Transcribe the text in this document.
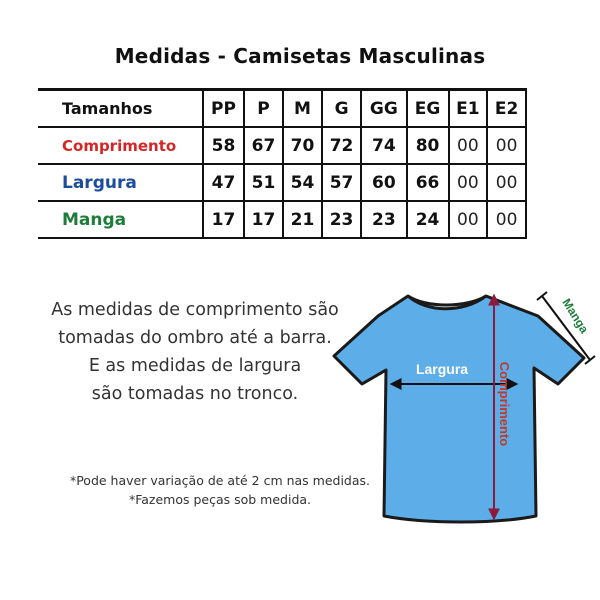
Medidas - Camisetas Masculinas
Tamanhos	PP	P	M	G	GG	EG	E1	E2
Comprimento	58	67	70	72	74	80	00	00
Largura	47	51	54	57	60	66	00	00
Manga	17	17	21	23	23	24	00	00
As medidas de comprimento são
tomadas do ombro até a barra.
E as medidas de largura
são tomadas no tronco.
*Pode haver variação de até 2 cm nas medidas.
*Fazemos peças sob medida.
Largura Comprimento
Manga
